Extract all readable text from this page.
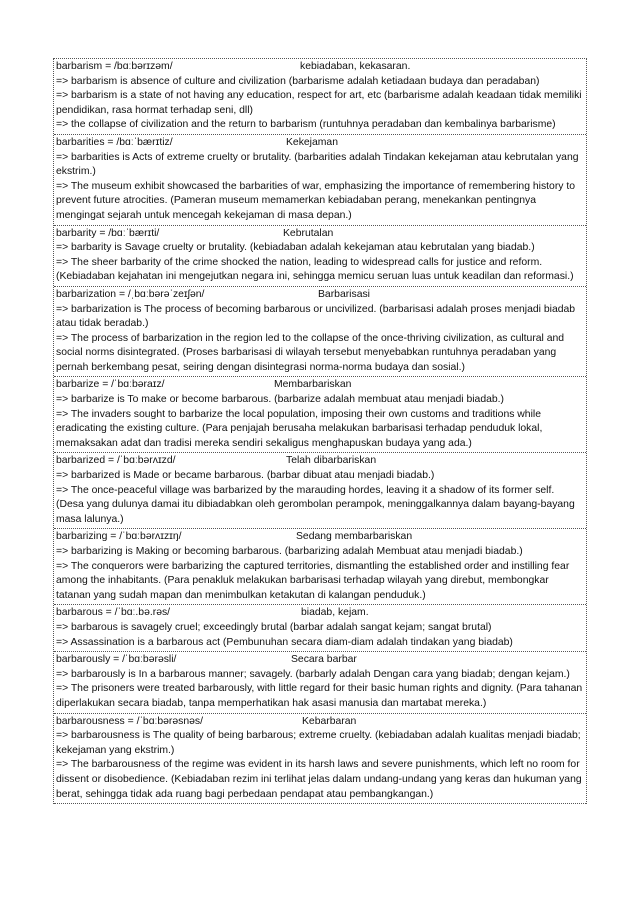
barbarism = /bɑːbərɪzəm/	kebiadaban, kekasaran.
=> barbarism is absence of culture and civilization (barbarisme adalah ketiadaan budaya dan peradaban)
=> barbarism is a state of not having any education, respect for art, etc (barbarisme adalah keadaan tidak memiliki pendidikan, rasa hormat terhadap seni, dll)
=> the collapse of civilization and the return to barbarism (runtuhnya peradaban dan kembalinya barbarisme)
barbarities = /bɑːˈbærɪtiz/	Kekejaman
=> barbarities is Acts of extreme cruelty or brutality. (barbarities adalah Tindakan kekejaman atau kebrutalan yang ekstrim.)
=> The museum exhibit showcased the barbarities of war, emphasizing the importance of remembering history to prevent future atrocities. (Pameran museum memamerkan kebiadaban perang, menekankan pentingnya mengingat sejarah untuk mencegah kekejaman di masa depan.)
barbarity = /bɑːˈbærɪti/	Kebrutalan
=> barbarity is Savage cruelty or brutality. (kebiadaban adalah kekejaman atau kebrutalan yang biadab.)
=> The sheer barbarity of the crime shocked the nation, leading to widespread calls for justice and reform. (Kebiadaban kejahatan ini mengejutkan negara ini, sehingga memicu seruan luas untuk keadilan dan reformasi.)
barbarization = /ˌbɑːbərəˈzeɪʃən/	Barbarisasi
=> barbarization is The process of becoming barbarous or uncivilized. (barbarisasi adalah proses menjadi biadab atau tidak beradab.)
=> The process of barbarization in the region led to the collapse of the once-thriving civilization, as cultural and social norms disintegrated. (Proses barbarisasi di wilayah tersebut menyebabkan runtuhnya peradaban yang pernah berkembang pesat, seiring dengan disintegrasi norma-norma budaya dan sosial.)
barbarize = /ˈbɑːbəraɪz/	Membarbariskan
=> barbarize is To make or become barbarous. (barbarize adalah membuat atau menjadi biadab.)
=> The invaders sought to barbarize the local population, imposing their own customs and traditions while eradicating the existing culture. (Para penjajah berusaha melakukan barbarisasi terhadap penduduk lokal, memaksakan adat dan tradisi mereka sendiri sekaligus menghapuskan budaya yang ada.)
barbarized = /ˈbɑːbərʌɪzd/	Telah dibarbariskan
=> barbarized is Made or became barbarous. (barbar dibuat atau menjadi biadab.)
=> The once-peaceful village was barbarized by the marauding hordes, leaving it a shadow of its former self. (Desa yang dulunya damai itu dibiadabkan oleh gerombolan perampok, meninggalkannya dalam bayang-bayang masa lalunya.)
barbarizing = /ˈbɑːbərʌɪzɪŋ/	Sedang membarbariskan
=> barbarizing is Making or becoming barbarous. (barbarizing adalah Membuat atau menjadi biadab.)
=> The conquerors were barbarizing the captured territories, dismantling the established order and instilling fear among the inhabitants. (Para penakluk melakukan barbarisasi terhadap wilayah yang direbut, membongkar tatanan yang sudah mapan dan menimbulkan ketakutan di kalangan penduduk.)
barbarous = /ˈbɑː.bə.rəs/	biadab, kejam.
=> barbarous is savagely cruel; exceedingly brutal (barbar adalah sangat kejam; sangat brutal)
=> Assassination is a barbarous act (Pembunuhan secara diam-diam adalah tindakan yang biadab)
barbarously = /ˈbɑːbərəsli/	Secara barbar
=> barbarously is In a barbarous manner; savagely. (barbarly adalah Dengan cara yang biadab; dengan kejam.)
=> The prisoners were treated barbarously, with little regard for their basic human rights and dignity. (Para tahanan diperlakukan secara biadab, tanpa memperhatikan hak asasi manusia dan martabat mereka.)
barbarousness = /ˈbɑːbərəsnəs/	Kebarbaran
=> barbarousness is The quality of being barbarous; extreme cruelty. (kebiadaban adalah kualitas menjadi biadab; kekejaman yang ekstrim.)
=> The barbarousness of the regime was evident in its harsh laws and severe punishments, which left no room for dissent or disobedience. (Kebiadaban rezim ini terlihat jelas dalam undang-undang yang keras dan hukuman yang berat, sehingga tidak ada ruang bagi perbedaan pendapat atau pembangkangan.)
